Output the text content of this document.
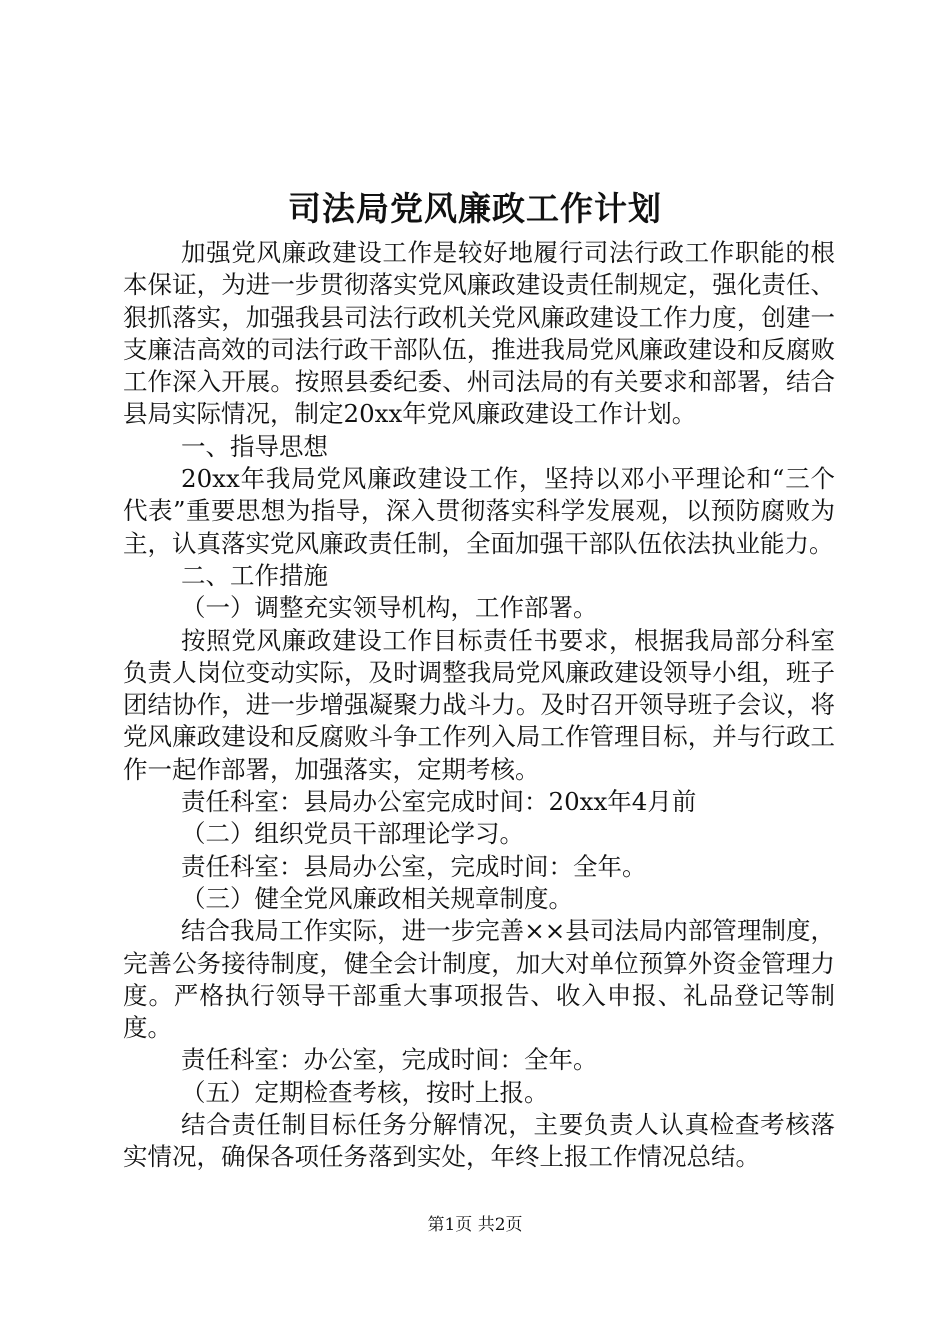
司法局党风廉政工作计划

加强党风廉政建设工作是较好地履行司法行政工作职能的根本保证，为进一步贯彻落实党风廉政建设责任制规定，强化责任、狠抓落实，加强我县司法行政机关党风廉政建设工作力度，创建一支廉洁高效的司法行政干部队伍，推进我局党风廉政建设和反腐败工作深入开展。按照县委纪委、州司法局的有关要求和部署，结合县局实际情况，制定20xx年党风廉政建设工作计划。

一、指导思想

20xx年我局党风廉政建设工作，坚持以邓小平理论和“三个代表”重要思想为指导，深入贯彻落实科学发展观，以预防腐败为主，认真落实党风廉政责任制，全面加强干部队伍依法执业能力。

二、工作措施

（一）调整充实领导机构，工作部署。

按照党风廉政建设工作目标责任书要求，根据我局部分科室负责人岗位变动实际，及时调整我局党风廉政建设领导小组，班子团结协作，进一步增强凝聚力战斗力。及时召开领导班子会议，将党风廉政建设和反腐败斗争工作列入局工作管理目标，并与行政工作一起作部署，加强落实，定期考核。

责任科室：县局办公室完成时间：20xx年4月前

（二）组织党员干部理论学习。

责任科室：县局办公室，完成时间：全年。

（三）健全党风廉政相关规章制度。

结合我局工作实际，进一步完善××县司法局内部管理制度，完善公务接待制度，健全会计制度，加大对单位预算外资金管理力度。严格执行领导干部重大事项报告、收入申报、礼品登记等制度。

责任科室：办公室，完成时间：全年。

（五）定期检查考核，按时上报。

结合责任制目标任务分解情况，主要负责人认真检查考核落实情况，确保各项任务落到实处，年终上报工作情况总结。

第1页 共2页
